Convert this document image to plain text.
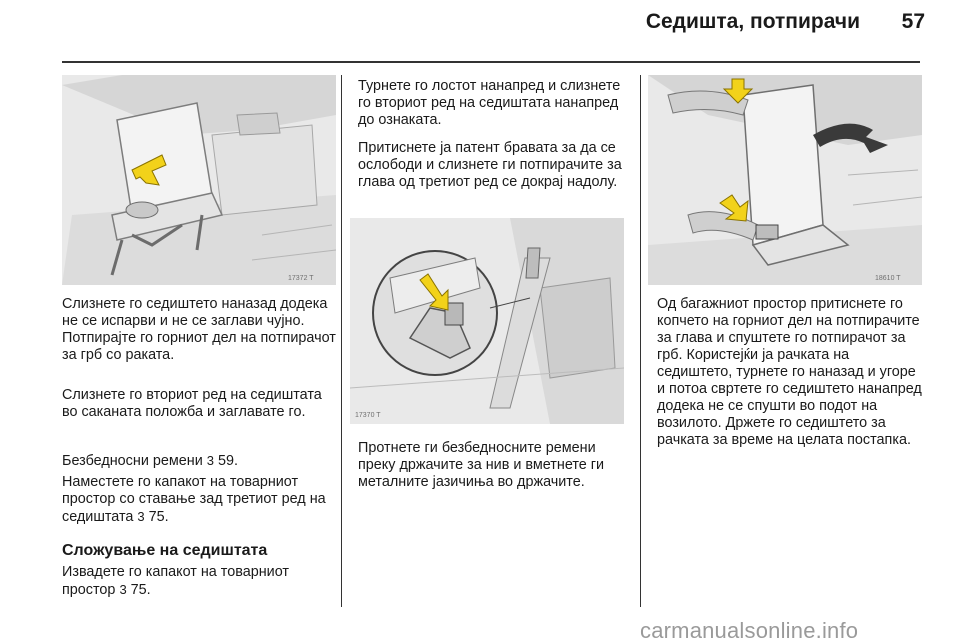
Седишта, потпирачи	57
17372 T
17370 T
18610 T

Слизнете го седиштето наназад додека не се испарви и не се заглави чујно. Потпирајте го горниот дел на потпирачот за грб со раката.

Слизнете го вториот ред на седиштата во саканата положба и заглавате го.

Безбедносни ремени 3 59.

Наместете го капакот на товарниот простор со ставање зад третиот ред на седиштата 3 75.

Сложување на седиштата

Извадете го капакот на товарниот простор 3 75.

Турнете го лостот нанапред и слизнете го вториот ред на седиштата нанапред до ознаката.

Притиснете ја патент бравата за да се ослободи и слизнете ги потпирачите за глава од третиот ред се докрај надолу.

Протнете ги безбедносните ремени преку држачите за нив и вметнете ги металните јазичиња во држачите.

Од багажниот простор притиснете го копчето на горниот дел на потпирачите за глава и спуштете го потпирачот за грб. Користејќи ја рачката на седиштето, турнете го наназад и угоре и потоа свртете го седиштето нанапред додека не се спушти во подот на возилото. Држете го седиштето за рачката за време на целата постапка.

carmanualsonline.info
